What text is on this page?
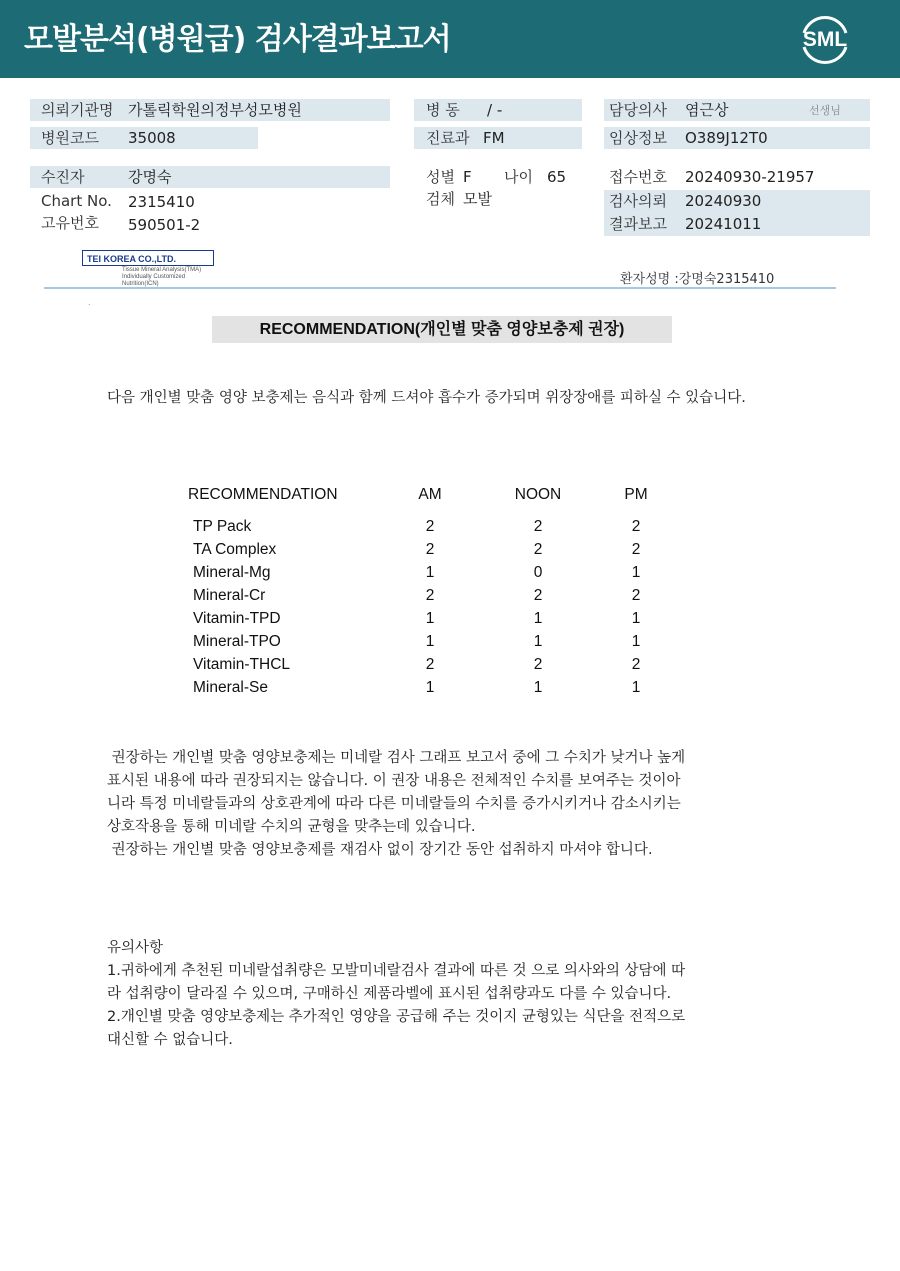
모발분석(병원급) 검사결과보고서	SML
의뢰기관명 가톨릭학원의정부성모병원
병원코드 35008
수진자	강명숙
Chart No. 2315410
고유번호 590501-2
병 동 / -
진료과 FM
성별 F 나이 65
검체 모발
담당의사 염근상	선생님
임상정보 O389J12T0
접수번호 20240930-21957
검사의뢰 20240930
결과보고 20241011
TEI KOREA CO.,LTD.
Tissue Mineral Analysis(TMA)
Individually Customized Nutrition(ICN)	환자성명 :강명숙2315410
.
RECOMMENDATION(개인별 맞춤 영양보충제 권장)
다음 개인별 맞춤 영양 보충제는 음식과 함께 드셔야 흡수가 증가되며 위장장애를 피하실 수 있습니다.
RECOMMENDATION	AM	NOON	PM
TP Pack	2	2	2
TA Complex	2	2	2
Mineral-Mg	1	0	1
Mineral-Cr	2	2	2
Vitamin-TPD	1	1	1
Mineral-TPO	1	1	1
Vitamin-THCL	2	2	2
Mineral-Se	1	1	1
권장하는 개인별 맞춤 영양보충제는 미네랄 검사 그래프 보고서 중에 그 수치가 낮거나 높게
표시된 내용에 따라 권장되지는 않습니다. 이 권장 내용은 전체적인 수치를 보여주는 것이아
니라 특정 미네랄들과의 상호관계에 따라 다른 미네랄들의 수치를 증가시키거나 감소시키는
상호작용을 통해 미네랄 수치의 균형을 맞추는데 있습니다.
권장하는 개인별 맞춤 영양보충제를 재검사 없이 장기간 동안 섭취하지 마셔야 합니다.
유의사항
1.귀하에게 추천된 미네랄섭취량은 모발미네랄검사 결과에 따른 것 으로 의사와의 상담에 따
라 섭취량이 달라질 수 있으며, 구매하신 제품라벨에 표시된 섭취량과도 다를 수 있습니다.
2.개인별 맞춤 영양보충제는 추가적인 영양을 공급해 주는 것이지 균형있는 식단을 전적으로
대신할 수 없습니다.
